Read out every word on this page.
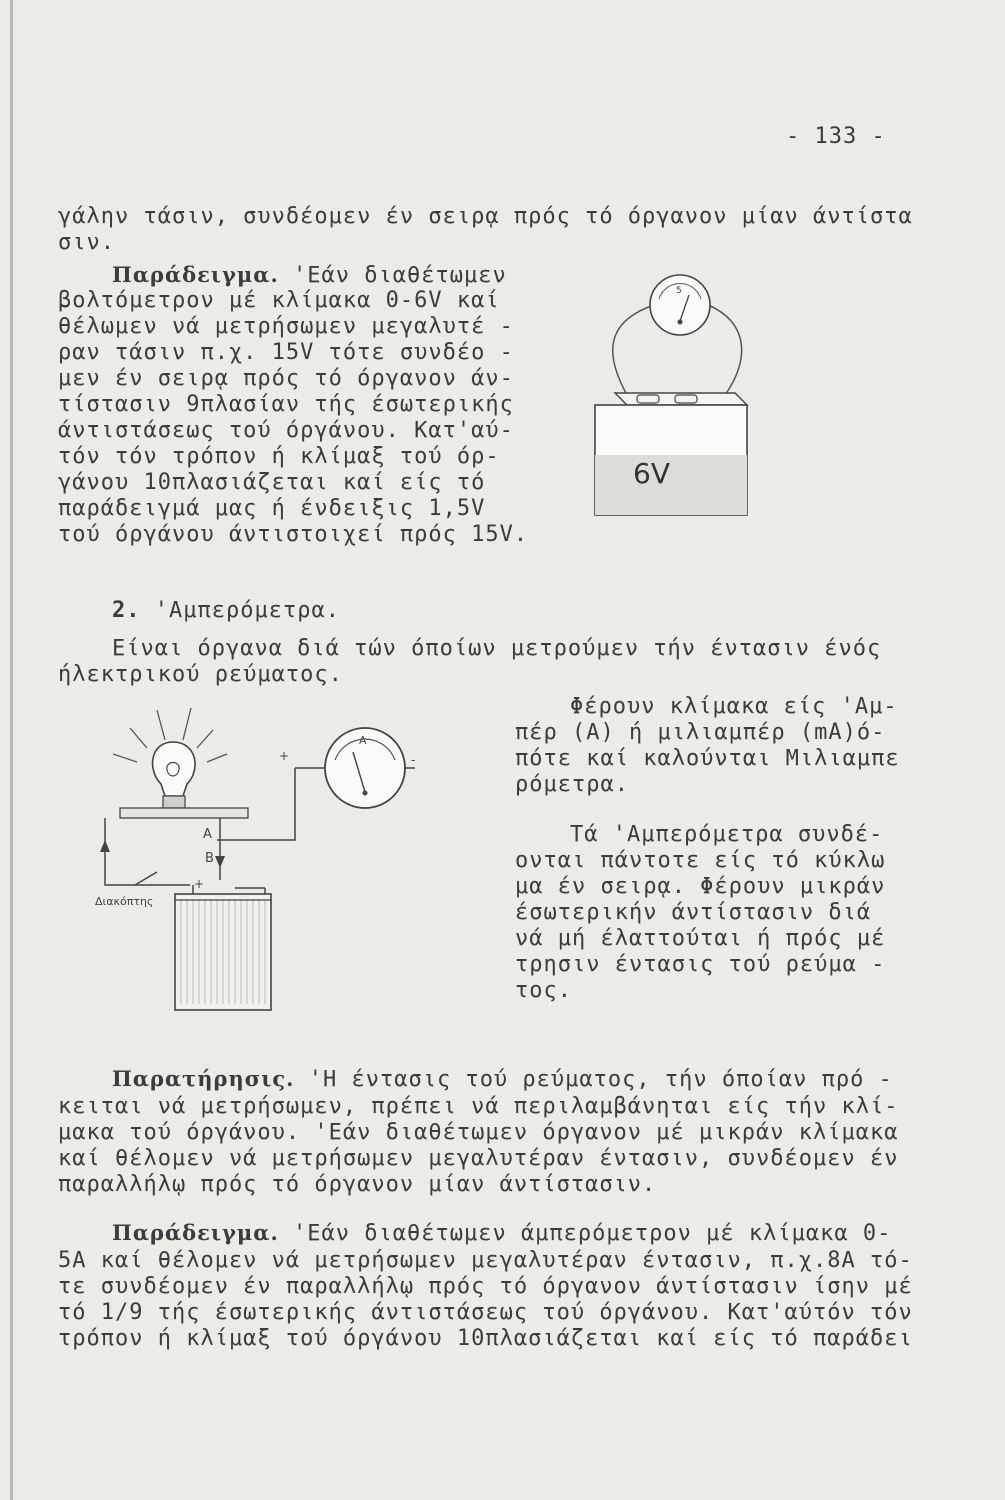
- 133 -
γάλην τάσιν, συνδέομεν έν σειρᾳ πρός τό όργανον μίαν άντίστα
σιν.
Παράδειγμα. 'Εάν διαθέτωμεν
βολτόμετρον μέ κλίμακα 0-6V καί
θέλωμεν νά μετρήσωμεν μεγαλυτέ -
ραν τάσιν π.χ. 15V τότε συνδέο -
μεν έν σειρᾳ πρός τό όργανον άν-
τίστασιν 9πλασίαν τής έσωτερικής
άντιστάσεως τού όργάνου. Κατ'αύ-
τόν τόν τρόπον ή κλίμαξ τού όρ-
γάνου 10πλασιάζεται καί είς τό
παράδειγμά μας ή ένδειξις 1,5V
τού όργάνου άντιστοιχεί πρός 15V.
5
6V
2. 'Αμπερόμετρα.
Είναι όργανα διά τών όποίων μετρούμεν τήν έντασιν ένός
ήλεκτρικού ρεύματος.
Φέρουν κλίμακα είς 'Αμ-
πέρ (Α) ή μιλιαμπέρ (mA)ό-
πότε καί καλούνται Μιλιαμπε
ρόμετρα.
Τά 'Αμπερόμετρα συνδέ-
ονται πάντοτε είς τό κύκλω
μα έν σειρᾳ. Φέρουν μικράν
έσωτερικήν άντίστασιν διά
νά μή έλαττούται ή πρός μέ
τρησιν έντασις τού ρεύμα -
τος.
A
+	-
A
B
Διακόπτης
+
Παρατήρησις. 'Η έντασις τού ρεύματος, τήν όποίαν πρό -
κειται νά μετρήσωμεν, πρέπει νά περιλαμβάνηται είς τήν κλί-
μακα τού όργάνου. 'Εάν διαθέτωμεν όργανον μέ μικράν κλίμακα
καί θέλομεν νά μετρήσωμεν μεγαλυτέραν έντασιν, συνδέομεν έν
παραλλήλῳ πρός τό όργανον μίαν άντίστασιν.
Παράδειγμα. 'Εάν διαθέτωμεν άμπερόμετρον μέ κλίμακα 0-
5Α καί θέλομεν νά μετρήσωμεν μεγαλυτέραν έντασιν, π.χ.8Α τό-
τε συνδέομεν έν παραλλήλῳ πρός τό όργανον άντίστασιν ίσην μέ
τό 1/9 τής έσωτερικής άντιστάσεως τού όργάνου. Κατ'αύτόν τόν
τρόπον ή κλίμαξ τού όργάνου 10πλασιάζεται καί είς τό παράδει
